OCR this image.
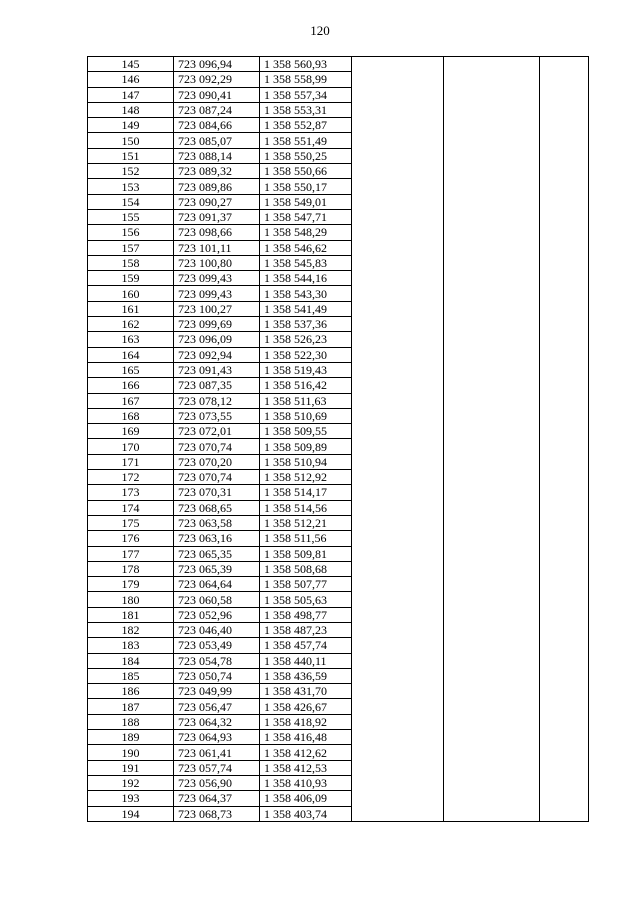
120
145	723 096,94	1 358 560,93			
146	723 092,29	1 358 558,99			
147	723 090,41	1 358 557,34			
148	723 087,24	1 358 553,31			
149	723 084,66	1 358 552,87			
150	723 085,07	1 358 551,49			
151	723 088,14	1 358 550,25			
152	723 089,32	1 358 550,66			
153	723 089,86	1 358 550,17			
154	723 090,27	1 358 549,01			
155	723 091,37	1 358 547,71			
156	723 098,66	1 358 548,29			
157	723 101,11	1 358 546,62			
158	723 100,80	1 358 545,83			
159	723 099,43	1 358 544,16			
160	723 099,43	1 358 543,30			
161	723 100,27	1 358 541,49			
162	723 099,69	1 358 537,36			
163	723 096,09	1 358 526,23			
164	723 092,94	1 358 522,30			
165	723 091,43	1 358 519,43			
166	723 087,35	1 358 516,42			
167	723 078,12	1 358 511,63			
168	723 073,55	1 358 510,69			
169	723 072,01	1 358 509,55			
170	723 070,74	1 358 509,89			
171	723 070,20	1 358 510,94			
172	723 070,74	1 358 512,92			
173	723 070,31	1 358 514,17			
174	723 068,65	1 358 514,56			
175	723 063,58	1 358 512,21			
176	723 063,16	1 358 511,56			
177	723 065,35	1 358 509,81			
178	723 065,39	1 358 508,68			
179	723 064,64	1 358 507,77			
180	723 060,58	1 358 505,63			
181	723 052,96	1 358 498,77			
182	723 046,40	1 358 487,23			
183	723 053,49	1 358 457,74			
184	723 054,78	1 358 440,11			
185	723 050,74	1 358 436,59			
186	723 049,99	1 358 431,70			
187	723 056,47	1 358 426,67			
188	723 064,32	1 358 418,92			
189	723 064,93	1 358 416,48			
190	723 061,41	1 358 412,62			
191	723 057,74	1 358 412,53			
192	723 056,90	1 358 410,93			
193	723 064,37	1 358 406,09			
194	723 068,73	1 358 403,74			
